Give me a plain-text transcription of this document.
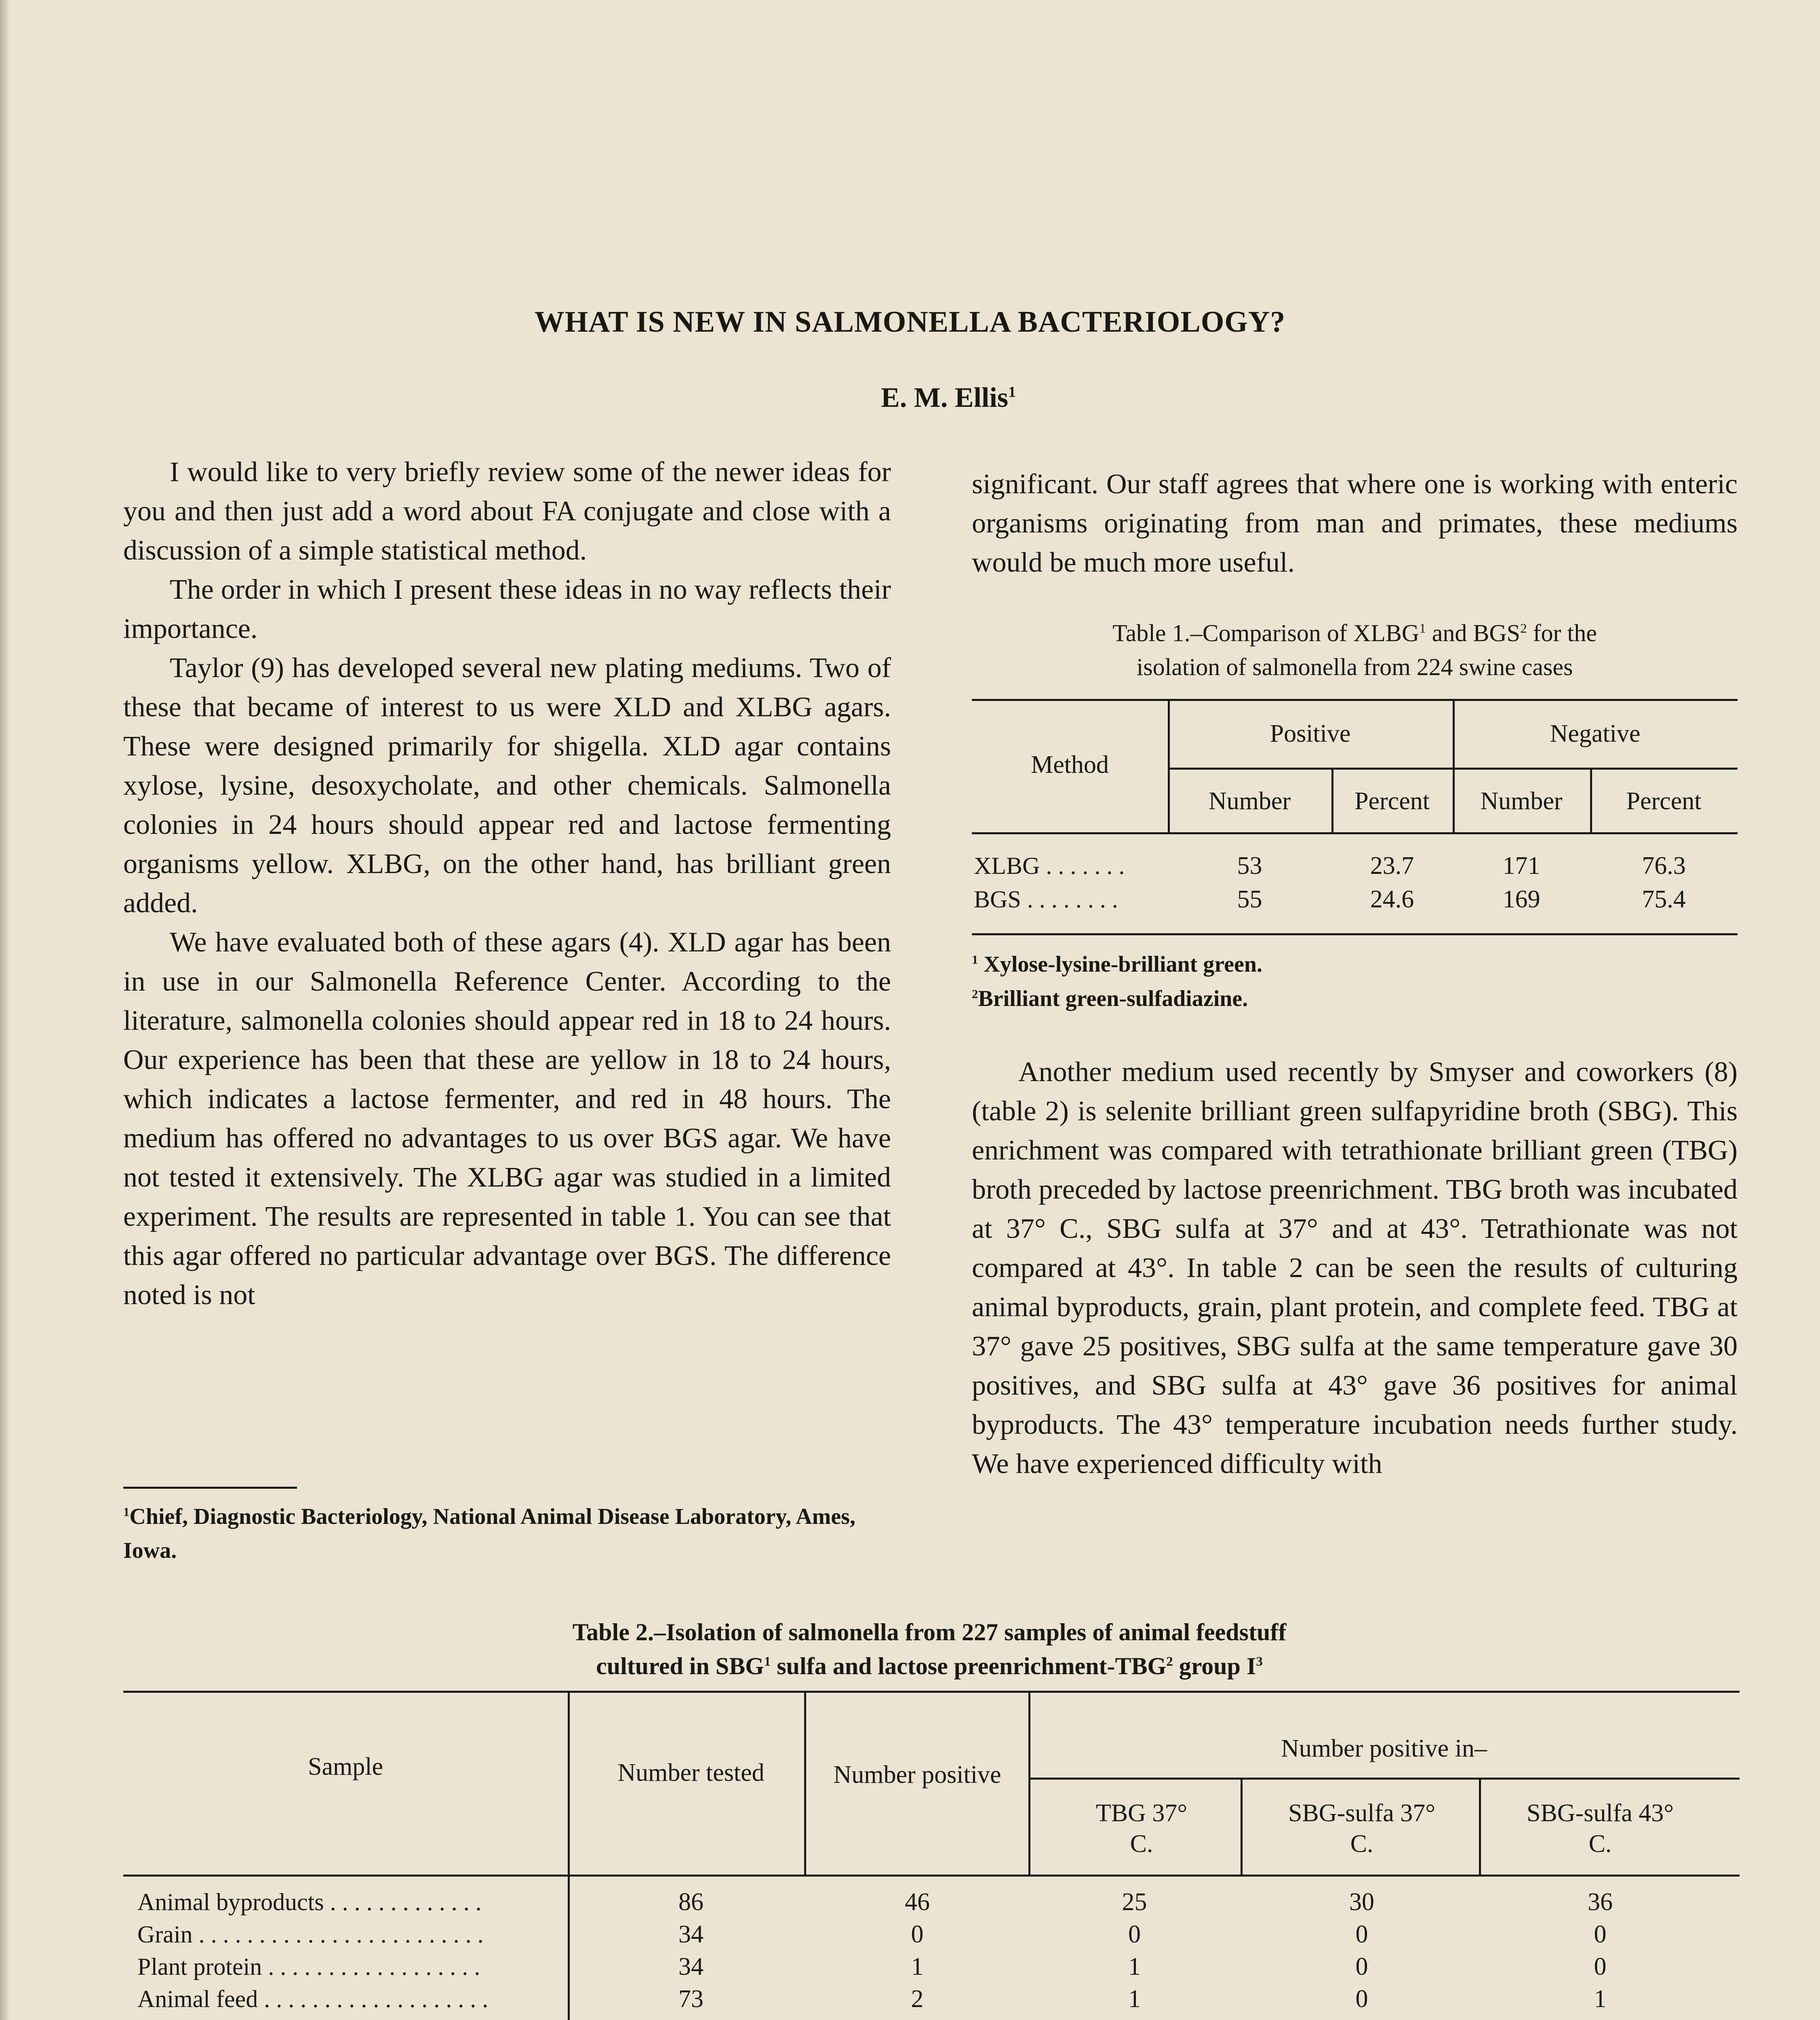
WHAT IS NEW IN SALMONELLA BACTERIOLOGY?
E. M. Ellis$^1$

I would like to very briefly review some of the newer ideas for you and then just add a word about FA conjugate and close with a discussion of a simple statistical method.

The order in which I present these ideas in no way reflects their importance.

Taylor (9) has developed several new plating mediums. Two of these that became of interest to us were XLD and XLBG agars. These were designed primarily for shigella. XLD agar contains xylose, lysine, desoxycholate, and other chemicals. Salmonella colonies in 24 hours should appear red and lactose fermenting organisms yellow. XLBG, on the other hand, has brilliant green added.

We have evaluated both of these agars (4). XLD agar has been in use in our Salmonella Reference Center. According to the literature, salmonella colonies should appear red in 18 to 24 hours. Our experience has been that these are yellow in 18 to 24 hours, which indicates a lactose fermenter, and red in 48 hours. The medium has offered no advantages to us over BGS agar. We have not tested it extensively. The XLBG agar was studied in a limited experiment. The results are represented in table 1. You can see that this agar offered no particular advantage over BGS. The difference noted is not

$^1$Chief, Diagnostic Bacteriology, National Animal Disease Laboratory, Ames, Iowa.

significant. Our staff agrees that where one is working with enteric organisms originating from man and primates, these mediums would be much more useful.

Table 1.–Comparison of XLBG$^1$ and BGS$^2$ for the
isolation of salmonella from 224 swine cases
Method
Positive	Negative
Number	Percent	Number	Percent
XLBG . . . . . . .	53	23.7	171	76.3
BGS . . . . . . . .	55	24.6	169	75.4
$^1$ Xylose-lysine-brilliant green.
$^2$Brilliant green-sulfadiazine.

Another medium used recently by Smyser and coworkers (8) (table 2) is selenite brilliant green sulfapyridine broth (SBG). This enrichment was compared with tetrathionate brilliant green (TBG) broth preceded by lactose preenrichment. TBG broth was incubated at 37° C., SBG sulfa at 37° and at 43°. Tetrathionate was not compared at 43°. In table 2 can be seen the results of culturing animal byproducts, grain, plant protein, and complete feed. TBG at 37° gave 25 positives, SBG sulfa at the same temperature gave 30 positives, and SBG sulfa at 43° gave 36 positives for animal byproducts. The 43° temperature incubation needs further study. We have experienced difficulty with

Table 2.–Isolation of salmonella from 227 samples of animal feedstuff
cultured in SBG$^1$ sulfa and lactose preenrichment-TBG$^2$ group $I^3$
Sample	Number tested	Number positive
Number positive in–
TBG 37° C.
SBG-sulfa 37° C.
SBG-sulfa 43° C.
Animal byproducts . . . . . . . . . . . . .	86	46	25	30	36
Grain . . . . . . . . . . . . . . . . . . . . . . . .	34	0	0	0	0
Plant protein . . . . . . . . . . . . . . . . . .	34	1	1	0	0
Animal feed . . . . . . . . . . . . . . . . . . .	73	2	1	0	1
